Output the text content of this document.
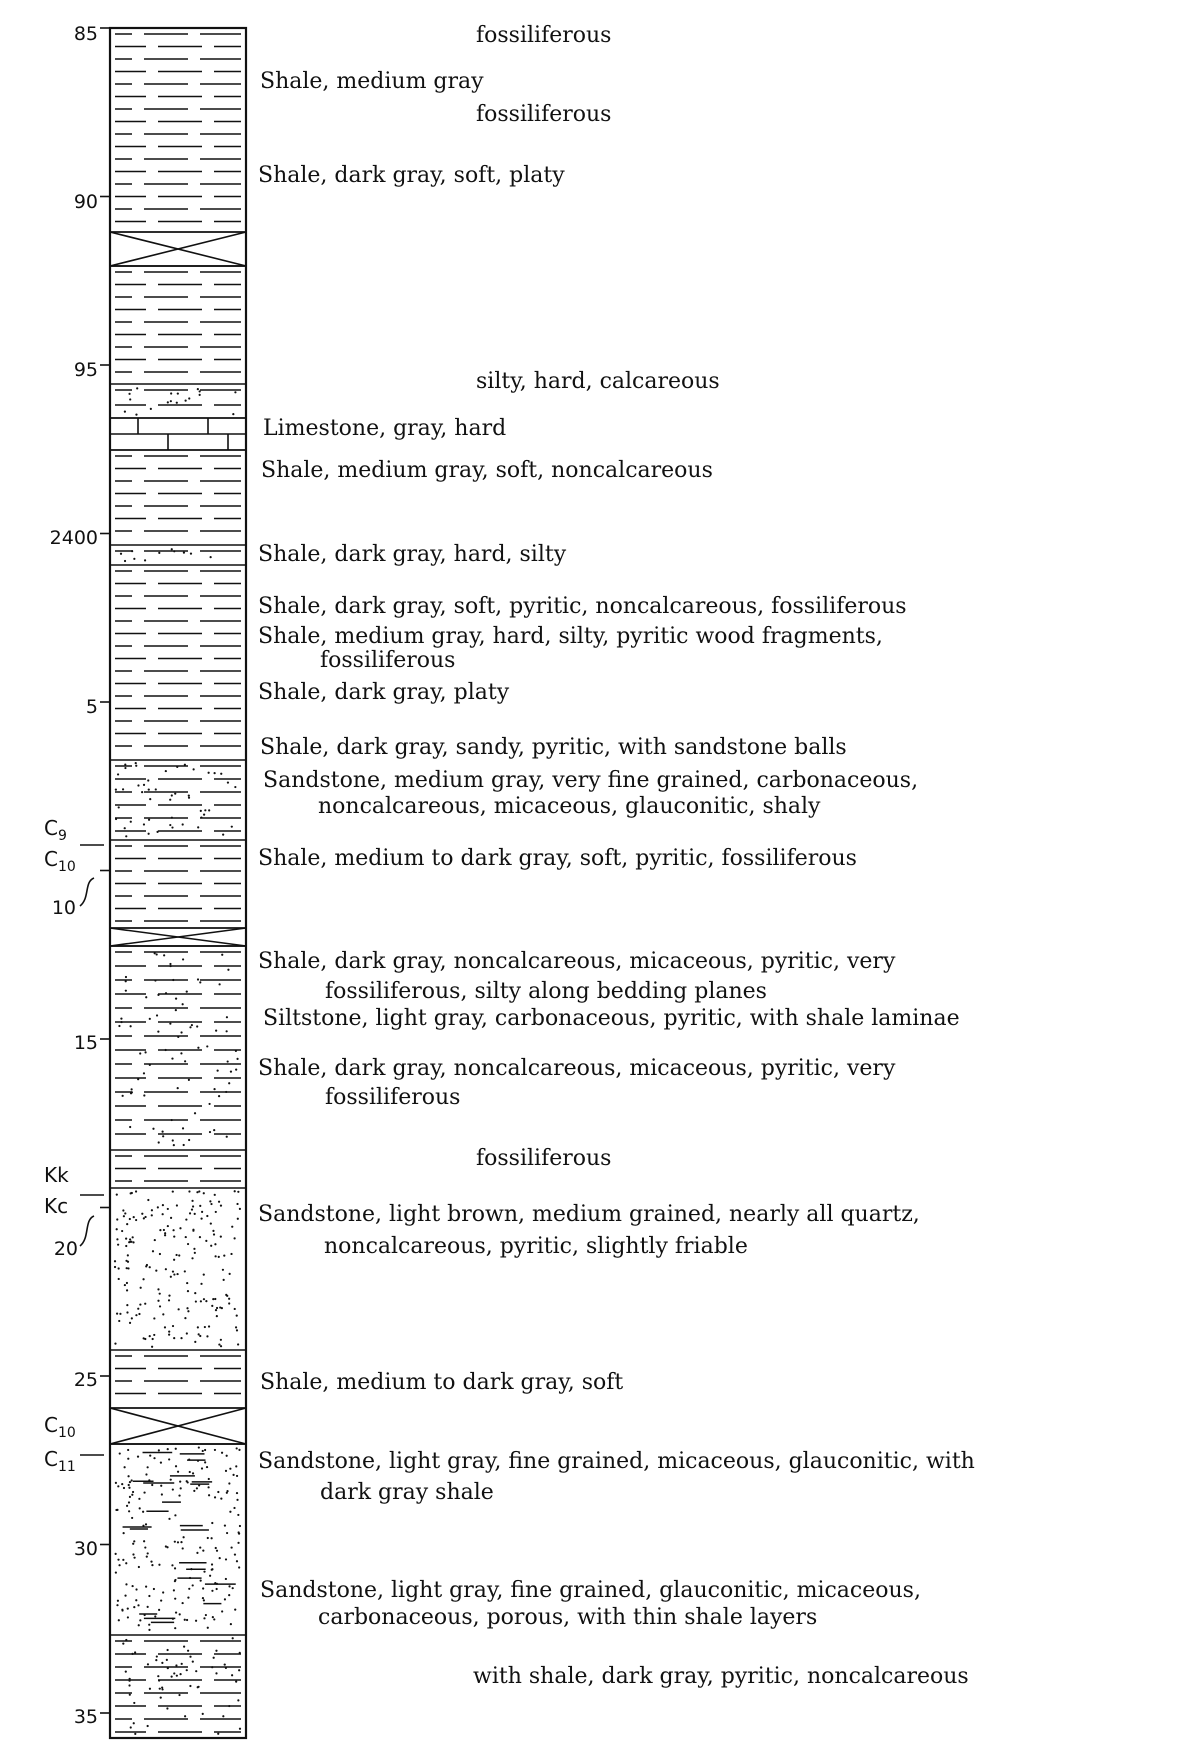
85
90
95
2400
5
10
15
20
25
30
35
$C_9$
$C_{10}$
Kk
Kc
$C_{10}$
$C_{11}$
fossiliferous
Shale, medium gray
fossiliferous
Shale, dark gray, soft, platy
silty, hard, calcareous
Limestone, gray, hard
Shale, medium gray, soft, noncalcareous
Shale, dark gray, hard, silty
Shale, dark gray, soft, pyritic, noncalcareous, fossiliferous
Shale, medium gray, hard, silty, pyritic wood fragments, fossiliferous
Shale, dark gray, platy
Shale, dark gray, sandy, pyritic, with sandstone balls
Sandstone, medium gray, very fine grained, carbonaceous, noncalcareous, micaceous, glauconitic, shaly
Shale, medium to dark gray, soft, pyritic, fossiliferous
Shale, dark gray, noncalcareous, micaceous, pyritic, very fossiliferous, silty along bedding planes
Siltstone, light gray, carbonaceous, pyritic, with shale laminae
Shale, dark gray, noncalcareous, micaceous, pyritic, very fossiliferous
fossiliferous
Sandstone, light brown, medium grained, nearly all quartz, noncalcareous, pyritic, slightly friable
Shale, medium to dark gray, soft
Sandstone, light gray, fine grained, micaceous, glauconitic, with dark gray shale
Sandstone, light gray, fine grained, glauconitic, micaceous, carbonaceous, porous, with thin shale layers
with shale, dark gray, pyritic, noncalcareous
